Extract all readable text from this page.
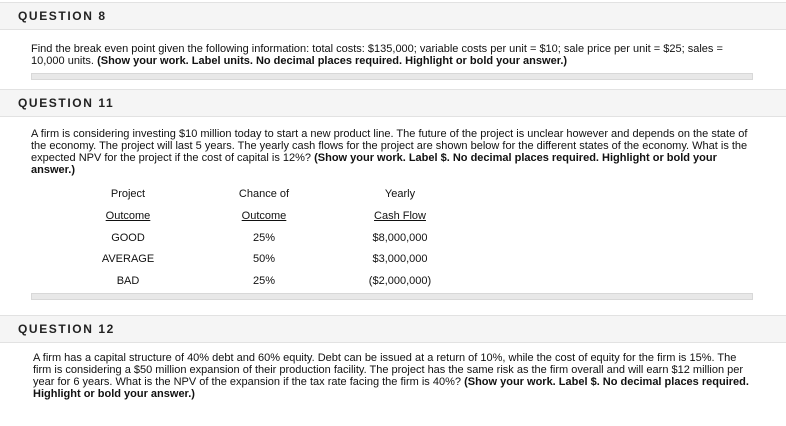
QUESTION 8
Find the break even point given the following information: total costs: $135,000; variable costs per unit = $10; sale price per unit = $25; sales = 10,000 units. (Show your work. Label units. No decimal places required. Highlight or bold your answer.)
QUESTION 11
A firm is considering investing $10 million today to start a new product line. The future of the project is unclear however and depends on the state of the economy. The project will last 5 years. The yearly cash flows for the project are shown below for the different states of the economy. What is the expected NPV for the project if the cost of capital is 12%? (Show your work. Label $. No decimal places required. Highlight or bold your answer.)
Project	Chance of	Yearly
Outcome	Outcome	Cash Flow
GOOD	25%	$8,000,000
AVERAGE	50%	$3,000,000
BAD	25%	($2,000,000)
QUESTION 12
A firm has a capital structure of 40% debt and 60% equity. Debt can be issued at a return of 10%, while the cost of equity for the firm is 15%. The firm is considering a $50 million expansion of their production facility. The project has the same risk as the firm overall and will earn $12 million per year for 6 years. What is the NPV of the expansion if the tax rate facing the firm is 40%? (Show your work. Label $. No decimal places required. Highlight or bold your answer.)
